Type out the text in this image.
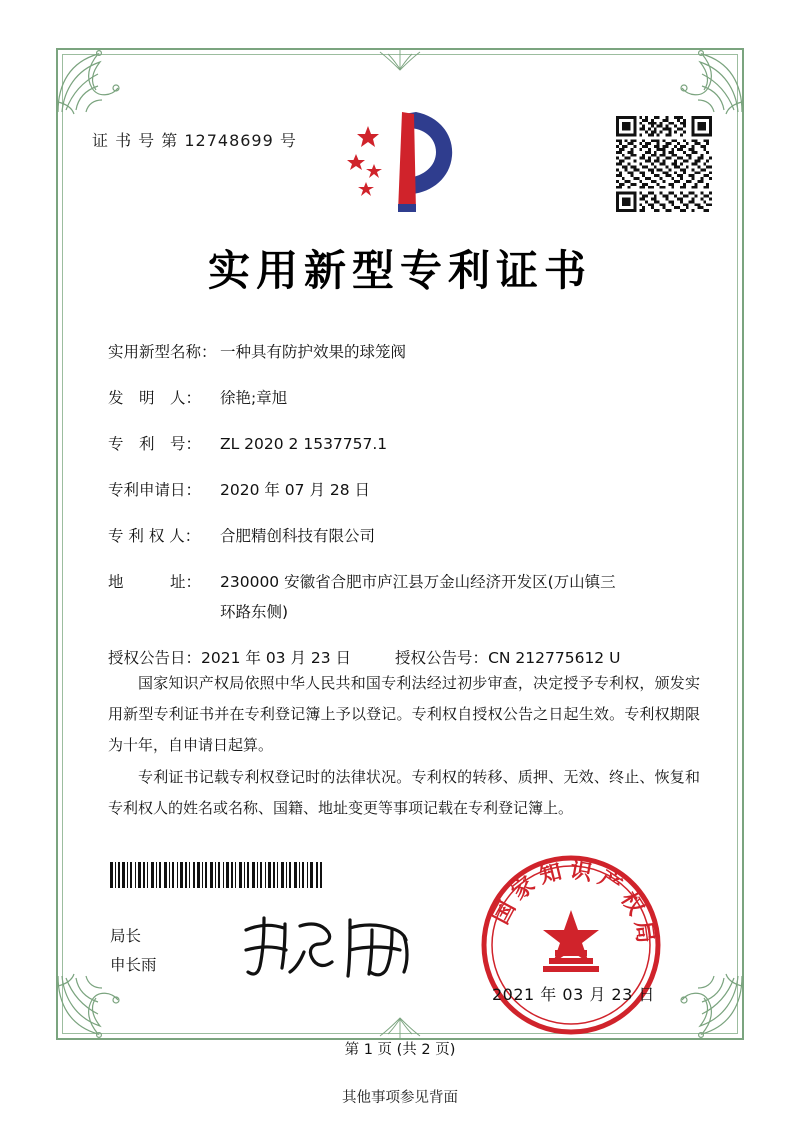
证 书 号 第 12748699 号
实用新型专利证书
实用新型名称： 一种具有防护效果的球笼阀
发　明　人：	徐艳;章旭
专　利　号：	ZL 2020 2 1537757.1
专利申请日：	2020 年 07 月 28 日
专 利 权 人：	合肥精创科技有限公司
地　　　址：	230000 安徽省合肥市庐江县万金山经济开发区(万山镇三
环路东侧)
授权公告日： 2021 年 03 月 23 日	授权公告号： CN 212775612 U

国家知识产权局依照中华人民共和国专利法经过初步审查，决定授予专利权，颁发实用新型专利证书并在专利登记簿上予以登记。专利权自授权公告之日起生效。专利权期限为十年，自申请日起算。

专利证书记载专利权登记时的法律状况。专利权的转移、质押、无效、终止、恢复和专利权人的姓名或名称、国籍、地址变更等事项记载在专利登记簿上。

局长
申长雨
国家知识产权局
2021 年 03 月 23 日
第 1 页 (共 2 页)
其他事项参见背面
